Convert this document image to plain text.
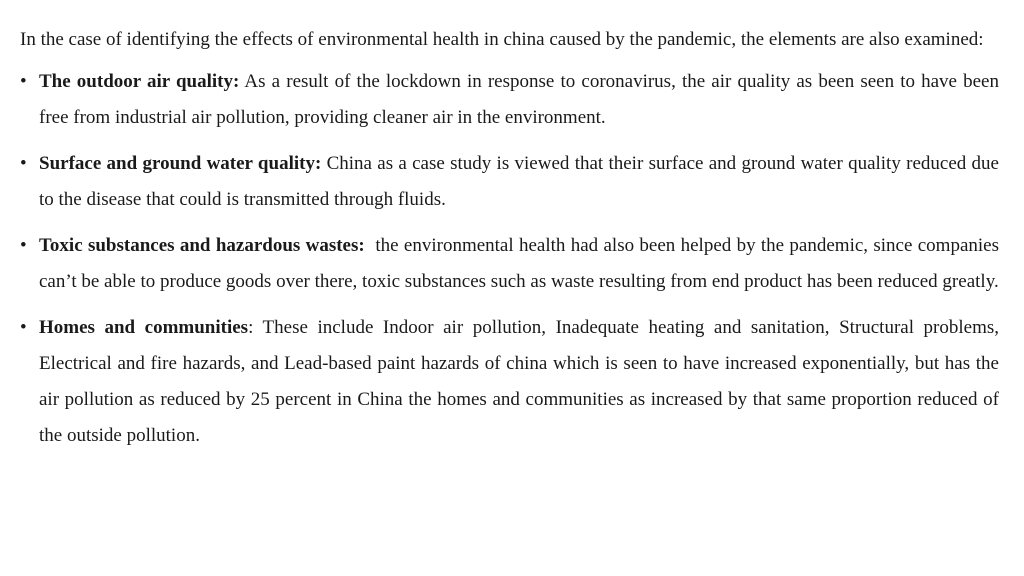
In the case of identifying the effects of environmental health in china caused by the pandemic, the elements are also examined:

• The outdoor air quality: As a result of the lockdown in response to coronavirus, the air quality as been seen to have been free from industrial air pollution, providing cleaner air in the environment.
• Surface and ground water quality: China as a case study is viewed that their surface and ground water quality reduced due to the disease that could is transmitted through fluids.
• Toxic substances and hazardous wastes:  the environmental health had also been helped by the pandemic, since companies can’t be able to produce goods over there, toxic substances such as waste resulting from end product has been reduced greatly.
• Homes and communities: These include Indoor air pollution, Inadequate heating and sanitation, Structural problems, Electrical and fire hazards, and Lead-based paint hazards of china which is seen to have increased exponentially, but has the air pollution as reduced by 25 percent in China the homes and communities as increased by that same proportion reduced of the outside pollution.
